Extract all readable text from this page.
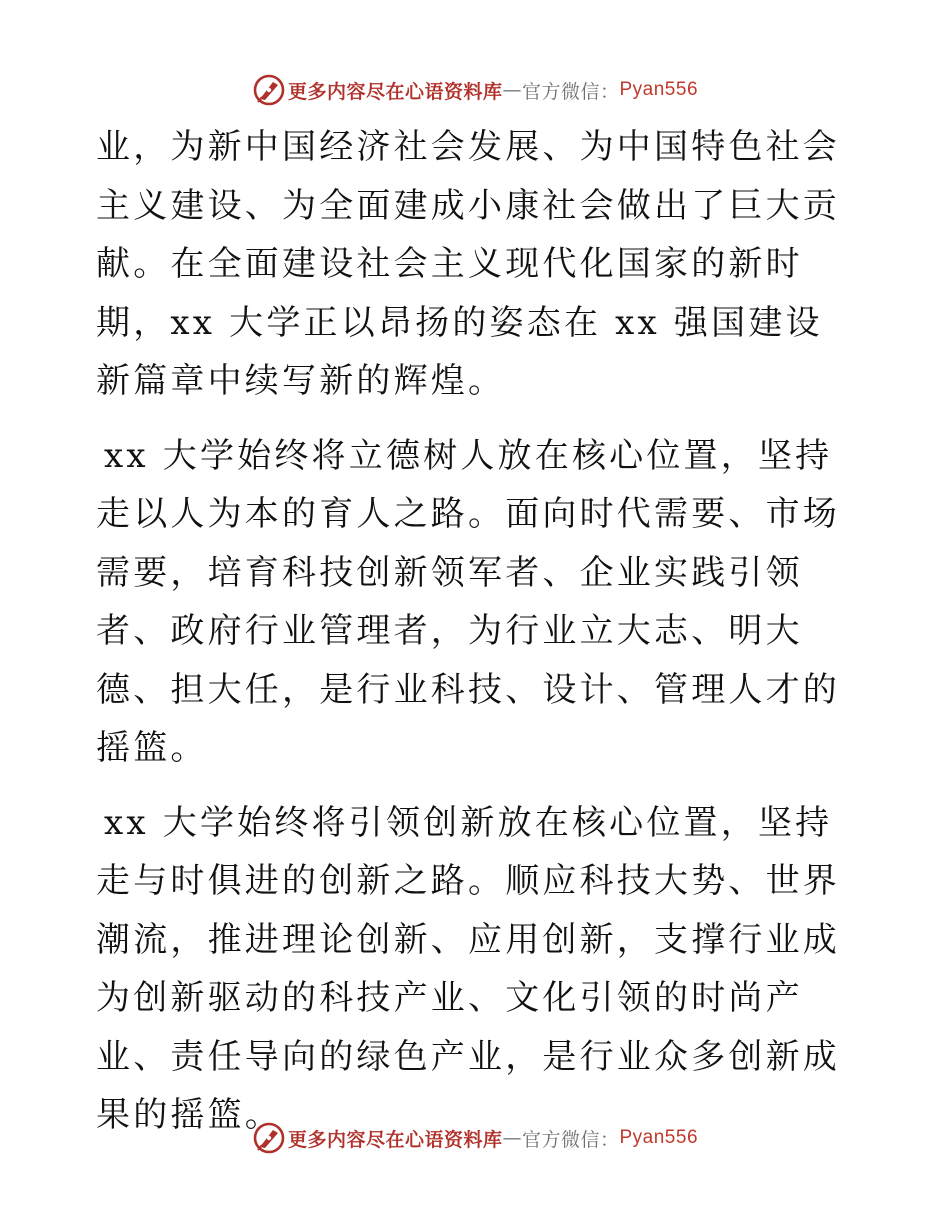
更多内容尽在心语资料库 — 官方微信： Pyan556

业，为新中国经济社会发展、为中国特色社会主义建设、为全面建成小康社会做出了巨大贡献。在全面建设社会主义现代化国家的新时期，xx 大学正以昂扬的姿态在 xx 强国建设新篇章中续写新的辉煌。

xx 大学始终将立德树人放在核心位置，坚持走以人为本的育人之路。面向时代需要、市场需要，培育科技创新领军者、企业实践引领者、政府行业管理者，为行业立大志、明大德、担大任，是行业科技、设计、管理人才的摇篮。

xx 大学始终将引领创新放在核心位置，坚持走与时俱进的创新之路。顺应科技大势、世界潮流，推进理论创新、应用创新，支撑行业成为创新驱动的科技产业、文化引领的时尚产业、责任导向的绿色产业，是行业众多创新成果的摇篮。

更多内容尽在心语资料库 — 官方微信： Pyan556
